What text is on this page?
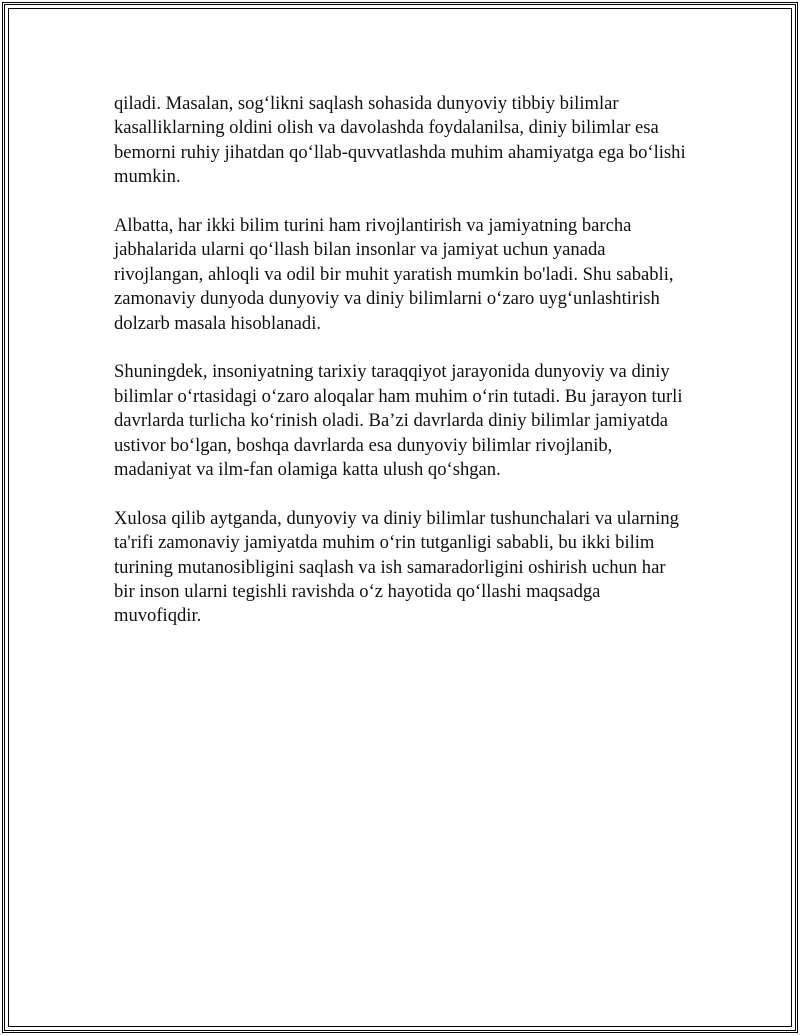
qiladi. Masalan, sog‘likni saqlash sohasida dunyoviy tibbiy bilimlar
kasalliklarning oldini olish va davolashda foydalanilsa, diniy bilimlar esa
bemorni ruhiy jihatdan qo‘llab-quvvatlashda muhim ahamiyatga ega bo‘lishi
mumkin.

Albatta, har ikki bilim turini ham rivojlantirish va jamiyatning barcha
jabhalarida ularni qo‘llash bilan insonlar va jamiyat uchun yanada
rivojlangan, ahloqli va odil bir muhit yaratish mumkin bo'ladi. Shu sababli,
zamonaviy dunyoda dunyoviy va diniy bilimlarni o‘zaro uyg‘unlashtirish
dolzarb masala hisoblanadi.

Shuningdek, insoniyatning tarixiy taraqqiyot jarayonida dunyoviy va diniy
bilimlar o‘rtasidagi o‘zaro aloqalar ham muhim o‘rin tutadi. Bu jarayon turli
davrlarda turlicha ko‘rinish oladi. Ba’zi davrlarda diniy bilimlar jamiyatda
ustivor bo‘lgan, boshqa davrlarda esa dunyoviy bilimlar rivojlanib,
madaniyat va ilm-fan olamiga katta ulush qo‘shgan.

Xulosa qilib aytganda, dunyoviy va diniy bilimlar tushunchalari va ularning
ta'rifi zamonaviy jamiyatda muhim o‘rin tutganligi sababli, bu ikki bilim
turining mutanosibligini saqlash va ish samaradorligini oshirish uchun har
bir inson ularni tegishli ravishda o‘z hayotida qo‘llashi maqsadga
muvofiqdir.
